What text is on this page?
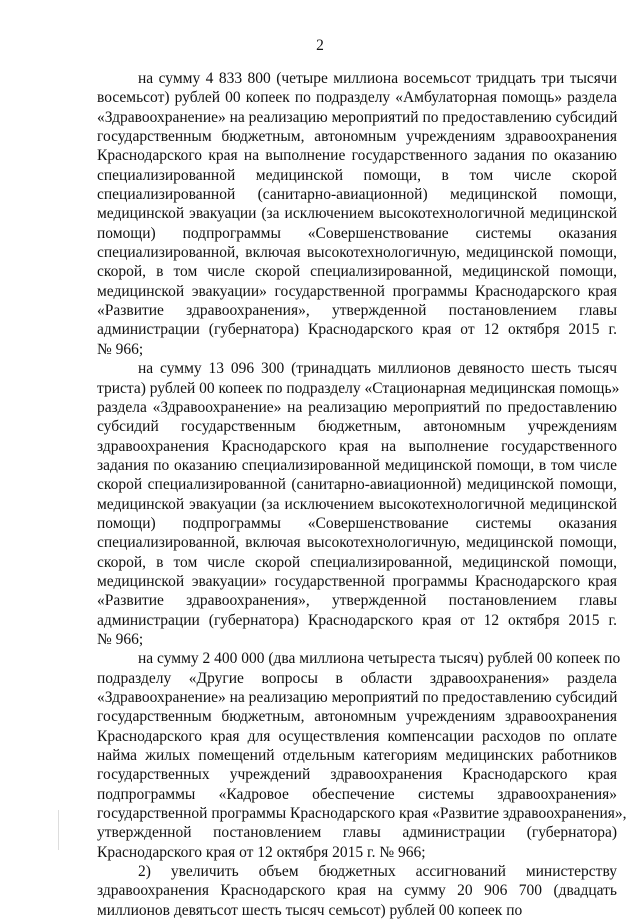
2
на сумму 4 833 800 (четыре миллиона восемьсот тридцать три тысячи
восемьсот) рублей 00 копеек по подразделу «Амбулаторная помощь» раздела
«Здравоохранение» на реализацию мероприятий по предоставлению субсидий
государственным бюджетным, автономным учреждениям здравоохранения
Краснодарского края на выполнение государственного задания по оказанию
специализированной медицинской помощи, в том числе скорой
специализированной (санитарно-авиационной) медицинской помощи,
медицинской эвакуации (за исключением высокотехнологичной медицинской
помощи) подпрограммы «Совершенствование системы оказания
специализированной, включая высокотехнологичную, медицинской помощи,
скорой, в том числе скорой специализированной, медицинской помощи,
медицинской эвакуации» государственной программы Краснодарского края
«Развитие здравоохранения», утвержденной постановлением главы
администрации (губернатора) Краснодарского края от 12 октября 2015 г.
№ 966;
на сумму 13 096 300 (тринадцать миллионов девяносто шесть тысяч
триста) рублей 00 копеек по подразделу «Стационарная медицинская помощь»
раздела «Здравоохранение» на реализацию мероприятий по предоставлению
субсидий государственным бюджетным, автономным учреждениям
здравоохранения Краснодарского края на выполнение государственного
задания по оказанию специализированной медицинской помощи, в том числе
скорой специализированной (санитарно-авиационной) медицинской помощи,
медицинской эвакуации (за исключением высокотехнологичной медицинской
помощи) подпрограммы «Совершенствование системы оказания
специализированной, включая высокотехнологичную, медицинской помощи,
скорой, в том числе скорой специализированной, медицинской помощи,
медицинской эвакуации» государственной программы Краснодарского края
«Развитие здравоохранения», утвержденной постановлением главы
администрации (губернатора) Краснодарского края от 12 октября 2015 г.
№ 966;
на сумму 2 400 000 (два миллиона четыреста тысяч) рублей 00 копеек по
подразделу «Другие вопросы в области здравоохранения» раздела
«Здравоохранение» на реализацию мероприятий по предоставлению субсидий
государственным бюджетным, автономным учреждениям здравоохранения
Краснодарского края для осуществления компенсации расходов по оплате
найма жилых помещений отдельным категориям медицинских работников
государственных учреждений здравоохранения Краснодарского края
подпрограммы «Кадровое обеспечение системы здравоохранения»
государственной программы Краснодарского края «Развитие здравоохранения»,
утвержденной постановлением главы администрации (губернатора)
Краснодарского края от 12 октября 2015 г. № 966;
2) увеличить объем бюджетных ассигнований министерству
здравоохранения Краснодарского края на сумму 20 906 700 (двадцать
миллионов девятьсот шесть тысяч семьсот) рублей 00 копеек по
